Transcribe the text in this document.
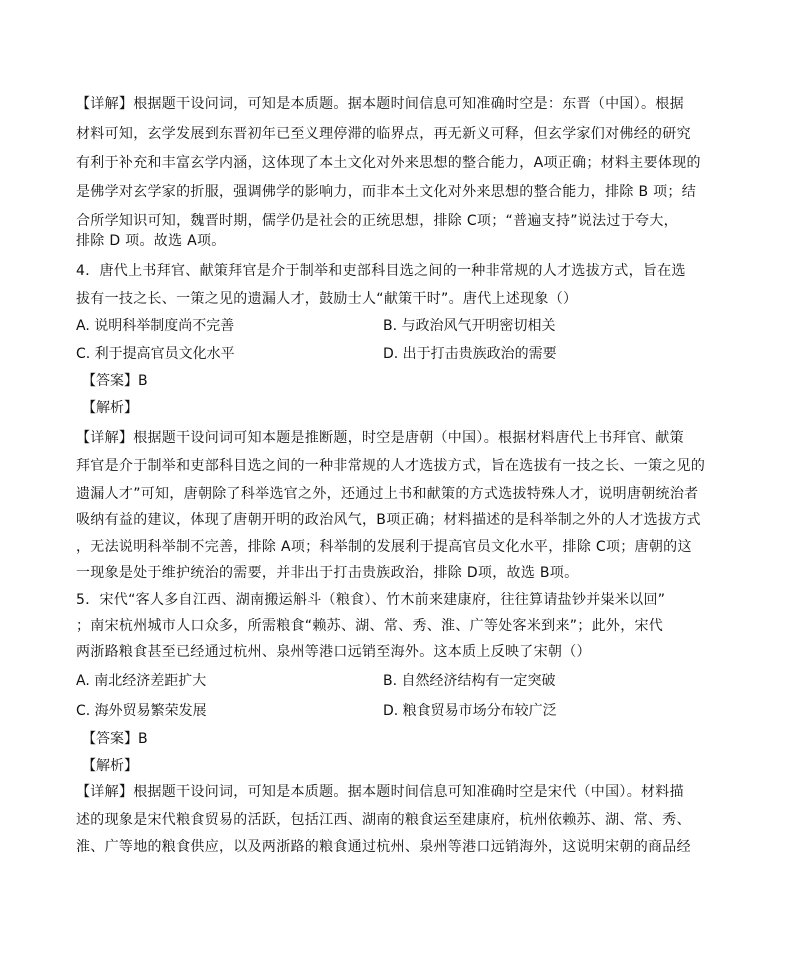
【详解】根据题干设问词，可知是本质题。据本题时间信息可知准确时空是：东晋（中国）。根据
材料可知，玄学发展到东晋初年已至义理停滞的临界点，再无新义可释，但玄学家们对佛经的研究
有利于补充和丰富玄学内涵，这体现了本土文化对外来思想的整合能力，A项正确；材料主要体现的
是佛学对玄学家的折服，强调佛学的影响力，而非本土文化对外来思想的整合能力，排除 B 项；结
合所学知识可知，魏晋时期，儒学仍是社会的正统思想，排除 C项；“普遍支持”说法过于夸大，
排除 D 项。故选 A项。
4．唐代上书拜官、献策拜官是介于制举和吏部科目选之间的一种非常规的人才选拔方式，旨在选
拔有一技之长、一策之见的遗漏人才，鼓励士人“献策干时”。唐代上述现象（）
A. 说明科举制度尚不完善	B. 与政治风气开明密切相关
C. 利于提高官员文化水平	D. 出于打击贵族政治的需要
【答案】B
【解析】
【详解】根据题干设问词可知本题是推断题，时空是唐朝（中国）。根据材料唐代上书拜官、献策
拜官是介于制举和吏部科目选之间的一种非常规的人才选拔方式，旨在选拔有一技之长、一策之见的
遗漏人才”可知，唐朝除了科举选官之外，还通过上书和献策的方式选拔特殊人才，说明唐朝统治者
吸纳有益的建议，体现了唐朝开明的政治风气，B项正确；材料描述的是科举制之外的人才选拔方式
，无法说明科举制不完善，排除 A项；科举制的发展利于提高官员文化水平，排除 C项；唐朝的这
一现象是处于维护统治的需要，并非出于打击贵族政治，排除 D项，故选 B项。
5．宋代“客人多自江西、湖南搬运斛斗（粮食）、竹木前来建康府，往往算请盐钞并粜米以回”
；南宋杭州城市人口众多，所需粮食“赖苏、湖、常、秀、淮、广等处客米到来”；此外，宋代
两浙路粮食甚至已经通过杭州、泉州等港口远销至海外。这本质上反映了宋朝（）
A. 南北经济差距扩大	B. 自然经济结构有一定突破
C. 海外贸易繁荣发展	D. 粮食贸易市场分布较广泛
【答案】B
【解析】
【详解】根据题干设问词，可知是本质题。据本题时间信息可知准确时空是宋代（中国）。材料描
述的现象是宋代粮食贸易的活跃，包括江西、湖南的粮食运至建康府，杭州依赖苏、湖、常、秀、
淮、广等地的粮食供应，以及两浙路的粮食通过杭州、泉州等港口远销海外，这说明宋朝的商品经
